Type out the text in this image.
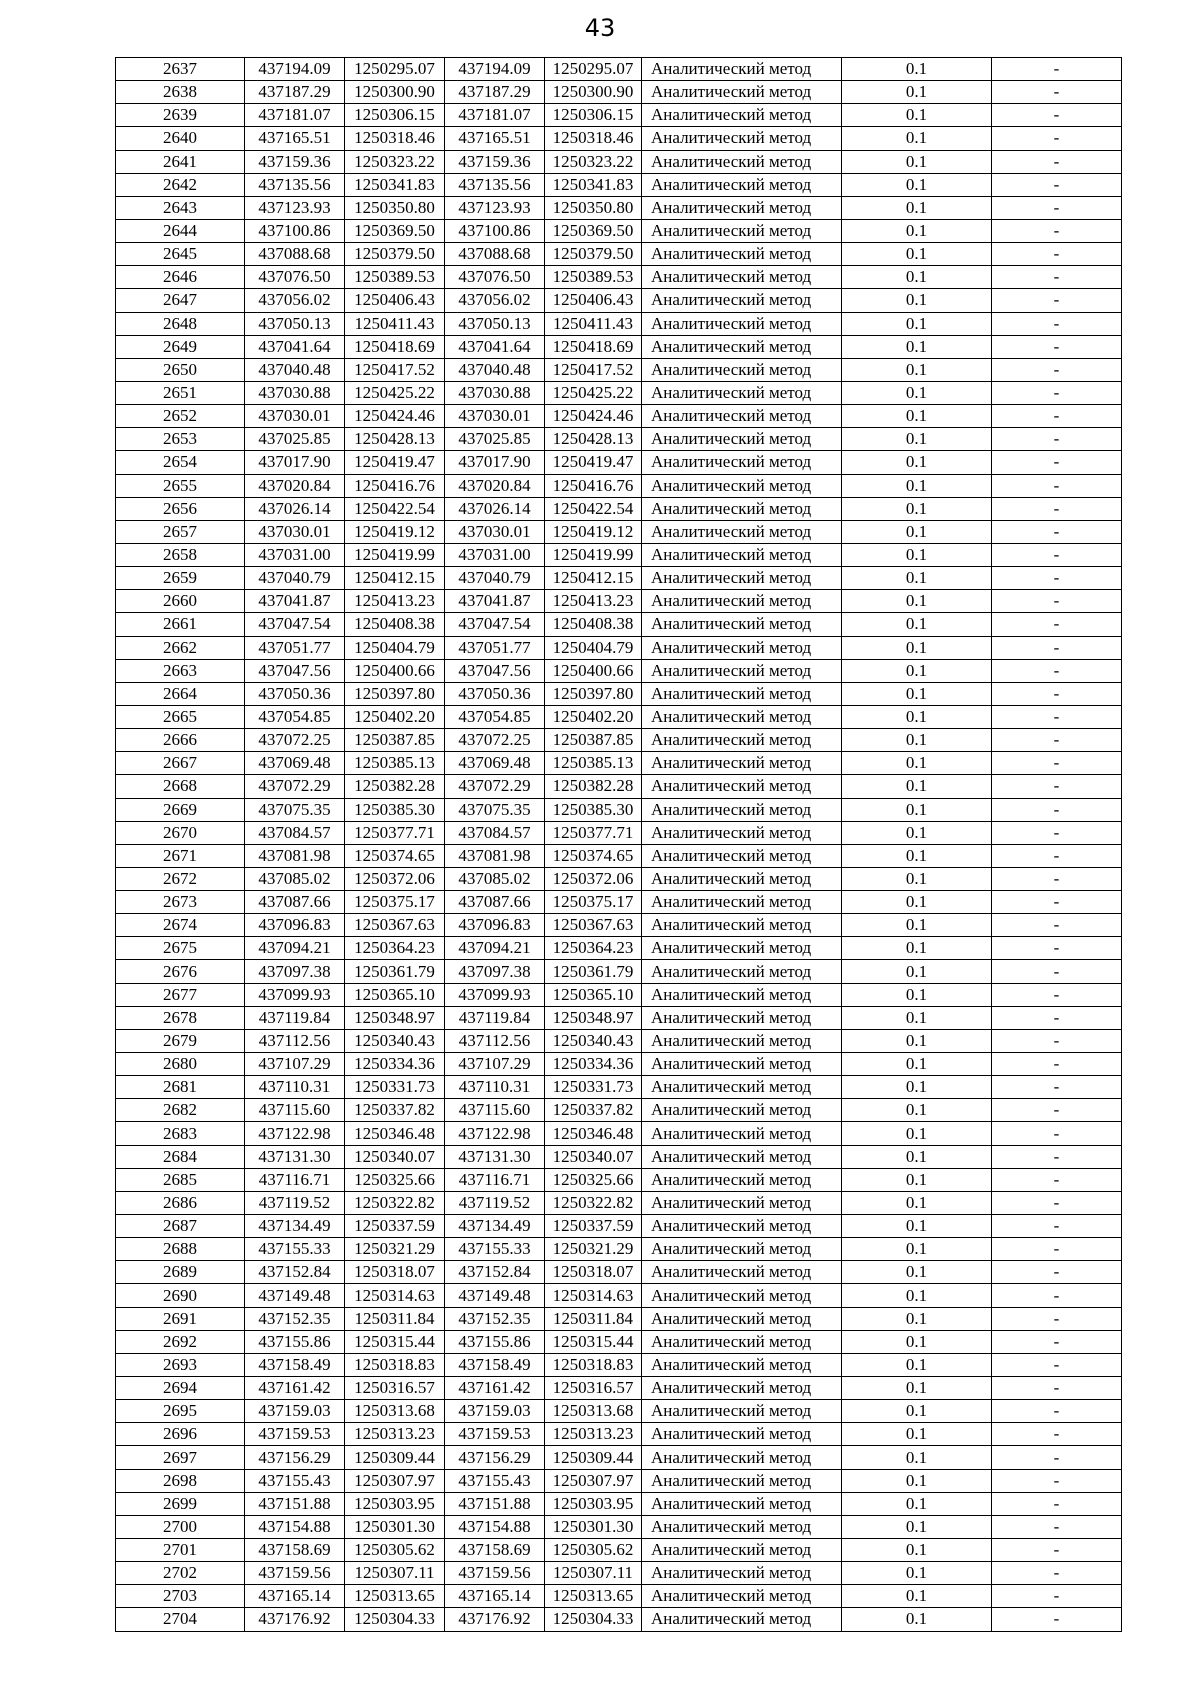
43
2637	437194.09	1250295.07	437194.09	1250295.07	Аналитический метод	0.1	-
2638	437187.29	1250300.90	437187.29	1250300.90	Аналитический метод	0.1	-
2639	437181.07	1250306.15	437181.07	1250306.15	Аналитический метод	0.1	-
2640	437165.51	1250318.46	437165.51	1250318.46	Аналитический метод	0.1	-
2641	437159.36	1250323.22	437159.36	1250323.22	Аналитический метод	0.1	-
2642	437135.56	1250341.83	437135.56	1250341.83	Аналитический метод	0.1	-
2643	437123.93	1250350.80	437123.93	1250350.80	Аналитический метод	0.1	-
2644	437100.86	1250369.50	437100.86	1250369.50	Аналитический метод	0.1	-
2645	437088.68	1250379.50	437088.68	1250379.50	Аналитический метод	0.1	-
2646	437076.50	1250389.53	437076.50	1250389.53	Аналитический метод	0.1	-
2647	437056.02	1250406.43	437056.02	1250406.43	Аналитический метод	0.1	-
2648	437050.13	1250411.43	437050.13	1250411.43	Аналитический метод	0.1	-
2649	437041.64	1250418.69	437041.64	1250418.69	Аналитический метод	0.1	-
2650	437040.48	1250417.52	437040.48	1250417.52	Аналитический метод	0.1	-
2651	437030.88	1250425.22	437030.88	1250425.22	Аналитический метод	0.1	-
2652	437030.01	1250424.46	437030.01	1250424.46	Аналитический метод	0.1	-
2653	437025.85	1250428.13	437025.85	1250428.13	Аналитический метод	0.1	-
2654	437017.90	1250419.47	437017.90	1250419.47	Аналитический метод	0.1	-
2655	437020.84	1250416.76	437020.84	1250416.76	Аналитический метод	0.1	-
2656	437026.14	1250422.54	437026.14	1250422.54	Аналитический метод	0.1	-
2657	437030.01	1250419.12	437030.01	1250419.12	Аналитический метод	0.1	-
2658	437031.00	1250419.99	437031.00	1250419.99	Аналитический метод	0.1	-
2659	437040.79	1250412.15	437040.79	1250412.15	Аналитический метод	0.1	-
2660	437041.87	1250413.23	437041.87	1250413.23	Аналитический метод	0.1	-
2661	437047.54	1250408.38	437047.54	1250408.38	Аналитический метод	0.1	-
2662	437051.77	1250404.79	437051.77	1250404.79	Аналитический метод	0.1	-
2663	437047.56	1250400.66	437047.56	1250400.66	Аналитический метод	0.1	-
2664	437050.36	1250397.80	437050.36	1250397.80	Аналитический метод	0.1	-
2665	437054.85	1250402.20	437054.85	1250402.20	Аналитический метод	0.1	-
2666	437072.25	1250387.85	437072.25	1250387.85	Аналитический метод	0.1	-
2667	437069.48	1250385.13	437069.48	1250385.13	Аналитический метод	0.1	-
2668	437072.29	1250382.28	437072.29	1250382.28	Аналитический метод	0.1	-
2669	437075.35	1250385.30	437075.35	1250385.30	Аналитический метод	0.1	-
2670	437084.57	1250377.71	437084.57	1250377.71	Аналитический метод	0.1	-
2671	437081.98	1250374.65	437081.98	1250374.65	Аналитический метод	0.1	-
2672	437085.02	1250372.06	437085.02	1250372.06	Аналитический метод	0.1	-
2673	437087.66	1250375.17	437087.66	1250375.17	Аналитический метод	0.1	-
2674	437096.83	1250367.63	437096.83	1250367.63	Аналитический метод	0.1	-
2675	437094.21	1250364.23	437094.21	1250364.23	Аналитический метод	0.1	-
2676	437097.38	1250361.79	437097.38	1250361.79	Аналитический метод	0.1	-
2677	437099.93	1250365.10	437099.93	1250365.10	Аналитический метод	0.1	-
2678	437119.84	1250348.97	437119.84	1250348.97	Аналитический метод	0.1	-
2679	437112.56	1250340.43	437112.56	1250340.43	Аналитический метод	0.1	-
2680	437107.29	1250334.36	437107.29	1250334.36	Аналитический метод	0.1	-
2681	437110.31	1250331.73	437110.31	1250331.73	Аналитический метод	0.1	-
2682	437115.60	1250337.82	437115.60	1250337.82	Аналитический метод	0.1	-
2683	437122.98	1250346.48	437122.98	1250346.48	Аналитический метод	0.1	-
2684	437131.30	1250340.07	437131.30	1250340.07	Аналитический метод	0.1	-
2685	437116.71	1250325.66	437116.71	1250325.66	Аналитический метод	0.1	-
2686	437119.52	1250322.82	437119.52	1250322.82	Аналитический метод	0.1	-
2687	437134.49	1250337.59	437134.49	1250337.59	Аналитический метод	0.1	-
2688	437155.33	1250321.29	437155.33	1250321.29	Аналитический метод	0.1	-
2689	437152.84	1250318.07	437152.84	1250318.07	Аналитический метод	0.1	-
2690	437149.48	1250314.63	437149.48	1250314.63	Аналитический метод	0.1	-
2691	437152.35	1250311.84	437152.35	1250311.84	Аналитический метод	0.1	-
2692	437155.86	1250315.44	437155.86	1250315.44	Аналитический метод	0.1	-
2693	437158.49	1250318.83	437158.49	1250318.83	Аналитический метод	0.1	-
2694	437161.42	1250316.57	437161.42	1250316.57	Аналитический метод	0.1	-
2695	437159.03	1250313.68	437159.03	1250313.68	Аналитический метод	0.1	-
2696	437159.53	1250313.23	437159.53	1250313.23	Аналитический метод	0.1	-
2697	437156.29	1250309.44	437156.29	1250309.44	Аналитический метод	0.1	-
2698	437155.43	1250307.97	437155.43	1250307.97	Аналитический метод	0.1	-
2699	437151.88	1250303.95	437151.88	1250303.95	Аналитический метод	0.1	-
2700	437154.88	1250301.30	437154.88	1250301.30	Аналитический метод	0.1	-
2701	437158.69	1250305.62	437158.69	1250305.62	Аналитический метод	0.1	-
2702	437159.56	1250307.11	437159.56	1250307.11	Аналитический метод	0.1	-
2703	437165.14	1250313.65	437165.14	1250313.65	Аналитический метод	0.1	-
2704	437176.92	1250304.33	437176.92	1250304.33	Аналитический метод	0.1	-
